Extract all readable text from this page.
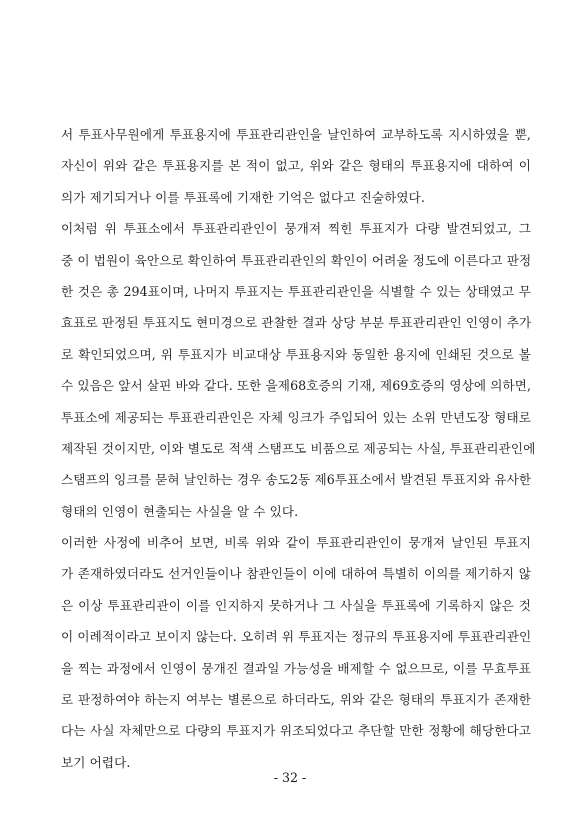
서 투표사무원에게 투표용지에 투표관리관인을 날인하여 교부하도록 지시하였을 뿐,
자신이 위와 같은 투표용지를 본 적이 없고, 위와 같은 형태의 투표용지에 대하여 이
의가 제기되거나 이를 투표록에 기재한 기억은 없다고 진술하였다.

이처럼 위 투표소에서 투표관리관인이 뭉개져 찍힌 투표지가 다량 발견되었고, 그
중 이 법원이 육안으로 확인하여 투표관리관인의 확인이 어려울 정도에 이른다고 판정
한 것은 총 294표이며, 나머지 투표지는 투표관리관인을 식별할 수 있는 상태였고 무
효표로 판정된 투표지도 현미경으로 관찰한 결과 상당 부분 투표관리관인 인영이 추가
로 확인되었으며, 위 투표지가 비교대상 투표용지와 동일한 용지에 인쇄된 것으로 볼
수 있음은 앞서 살핀 바와 같다. 또한 을제68호증의 기재, 제69호증의 영상에 의하면,
투표소에 제공되는 투표관리관인은 자체 잉크가 주입되어 있는 소위 만년도장 형태로
제작된 것이지만, 이와 별도로 적색 스탬프도 비품으로 제공되는 사실, 투표관리관인에
스탬프의 잉크를 묻혀 날인하는 경우 송도2동 제6투표소에서 발견된 투표지와 유사한
형태의 인영이 현출되는 사실을 알 수 있다.

이러한 사정에 비추어 보면, 비록 위와 같이 투표관리관인이 뭉개져 날인된 투표지
가 존재하였더라도 선거인들이나 참관인들이 이에 대하여 특별히 이의를 제기하지 않
은 이상 투표관리관이 이를 인지하지 못하거나 그 사실을 투표록에 기록하지 않은 것
이 이례적이라고 보이지 않는다. 오히려 위 투표지는 정규의 투표용지에 투표관리관인
을 찍는 과정에서 인영이 뭉개진 결과일 가능성을 배제할 수 없으므로, 이를 무효투표
로 판정하여야 하는지 여부는 별론으로 하더라도, 위와 같은 형태의 투표지가 존재한
다는 사실 자체만으로 다량의 투표지가 위조되었다고 추단할 만한 정황에 해당한다고
보기 어렵다.

- 32 -
